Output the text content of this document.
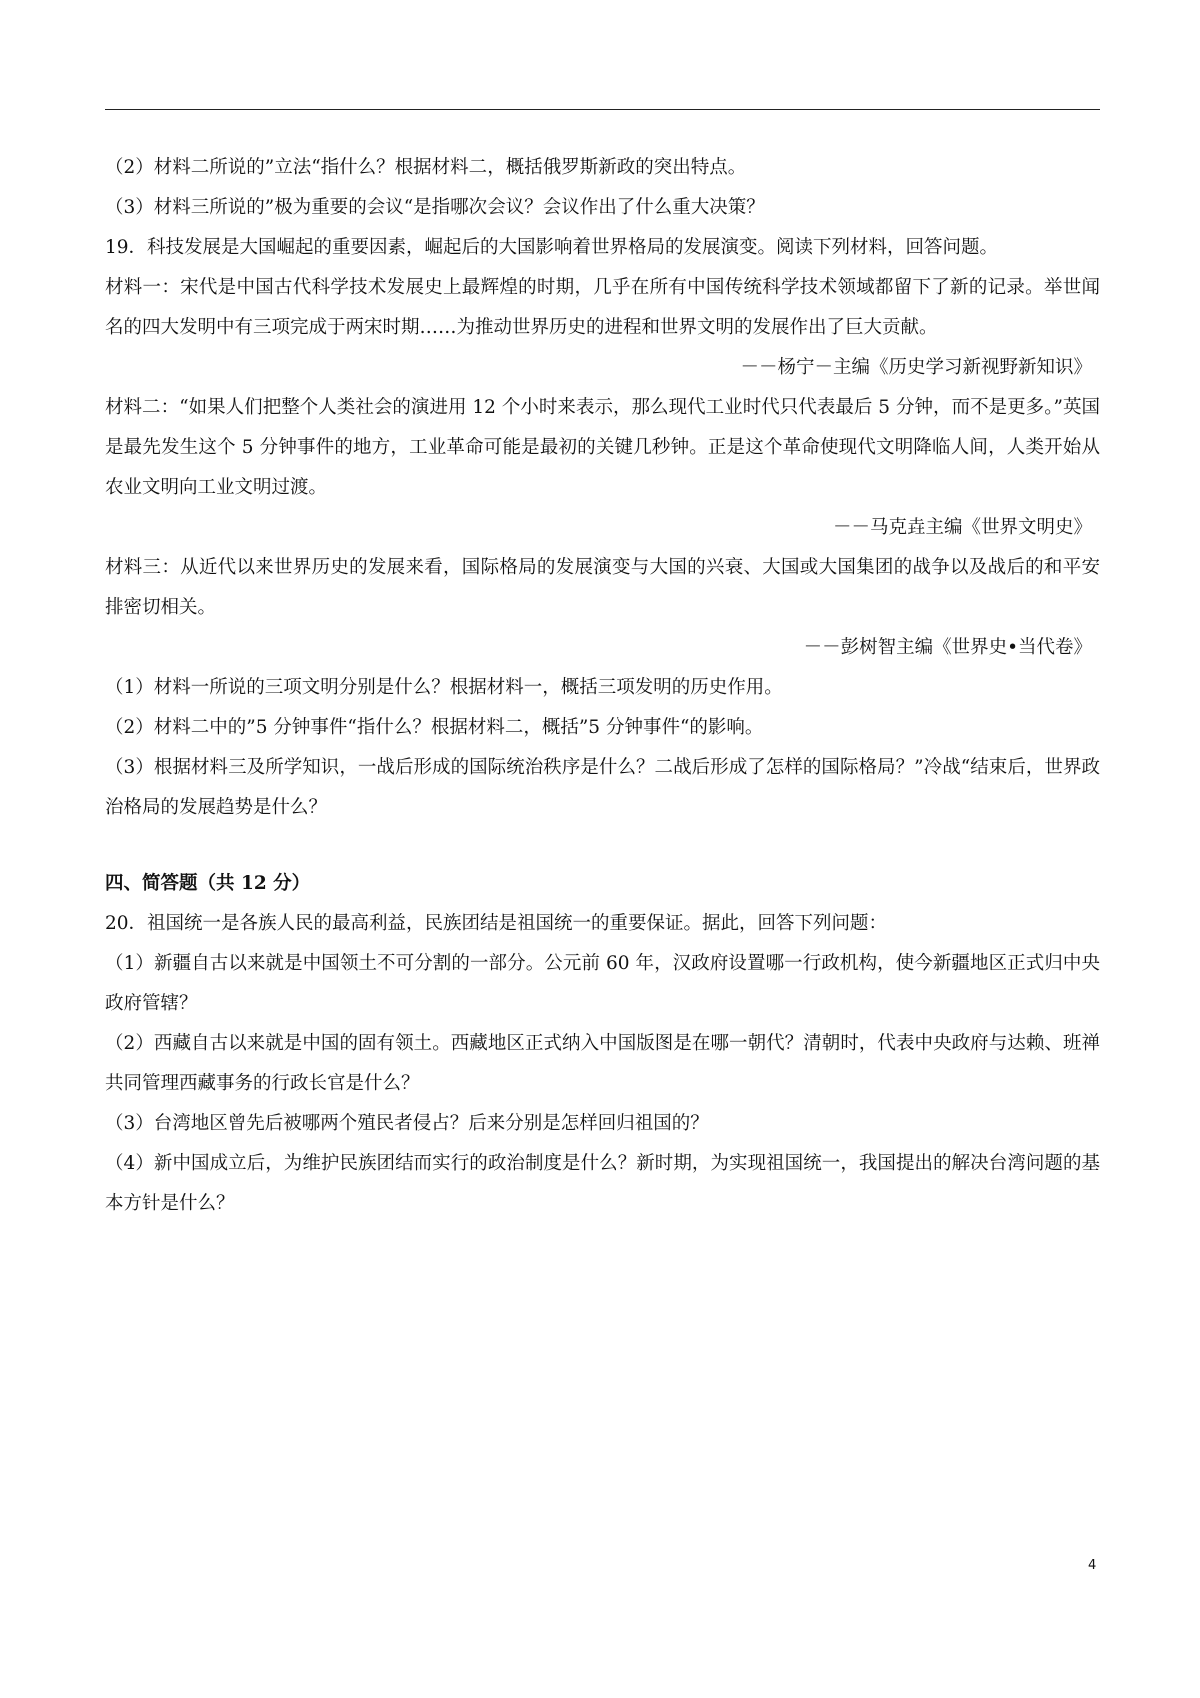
（2）材料二所说的”立法“指什么？根据材料二，概括俄罗斯新政的突出特点。

（3）材料三所说的”极为重要的会议“是指哪次会议？会议作出了什么重大决策？

19．科技发展是大国崛起的重要因素，崛起后的大国影响着世界格局的发展演变。阅读下列材料，回答问题。

材料一：宋代是中国古代科学技术发展史上最辉煌的时期，几乎在所有中国传统科学技术领域都留下了新的记录。举世闻名的四大发明中有三项完成于两宋时期……为推动世界历史的进程和世界文明的发展作出了巨大贡献。

－－杨宁－主编《历史学习新视野新知识》

材料二：“如果人们把整个人类社会的演进用 12 个小时来表示，那么现代工业时代只代表最后 5 分钟，而不是更多。”英国是最先发生这个 5 分钟事件的地方，工业革命可能是最初的关键几秒钟。正是这个革命使现代文明降临人间，人类开始从农业文明向工业文明过渡。

－－马克垚主编《世界文明史》

材料三：从近代以来世界历史的发展来看，国际格局的发展演变与大国的兴衰、大国或大国集团的战争以及战后的和平安排密切相关。

－－彭树智主编《世界史•当代卷》

（1）材料一所说的三项文明分别是什么？根据材料一，概括三项发明的历史作用。

（2）材料二中的”5 分钟事件“指什么？根据材料二，概括”5 分钟事件“的影响。

（3）根据材料三及所学知识，一战后形成的国际统治秩序是什么？二战后形成了怎样的国际格局？”冷战“结束后，世界政治格局的发展趋势是什么？

四、简答题（共 12 分）

20．祖国统一是各族人民的最高利益，民族团结是祖国统一的重要保证。据此，回答下列问题：

（1）新疆自古以来就是中国领土不可分割的一部分。公元前 60 年，汉政府设置哪一行政机构，使今新疆地区正式归中央政府管辖？

（2）西藏自古以来就是中国的固有领土。西藏地区正式纳入中国版图是在哪一朝代？清朝时，代表中央政府与达赖、班禅共同管理西藏事务的行政长官是什么？

（3）台湾地区曾先后被哪两个殖民者侵占？后来分别是怎样回归祖国的？

（4）新中国成立后，为维护民族团结而实行的政治制度是什么？新时期，为实现祖国统一，我国提出的解决台湾问题的基本方针是什么？

4
